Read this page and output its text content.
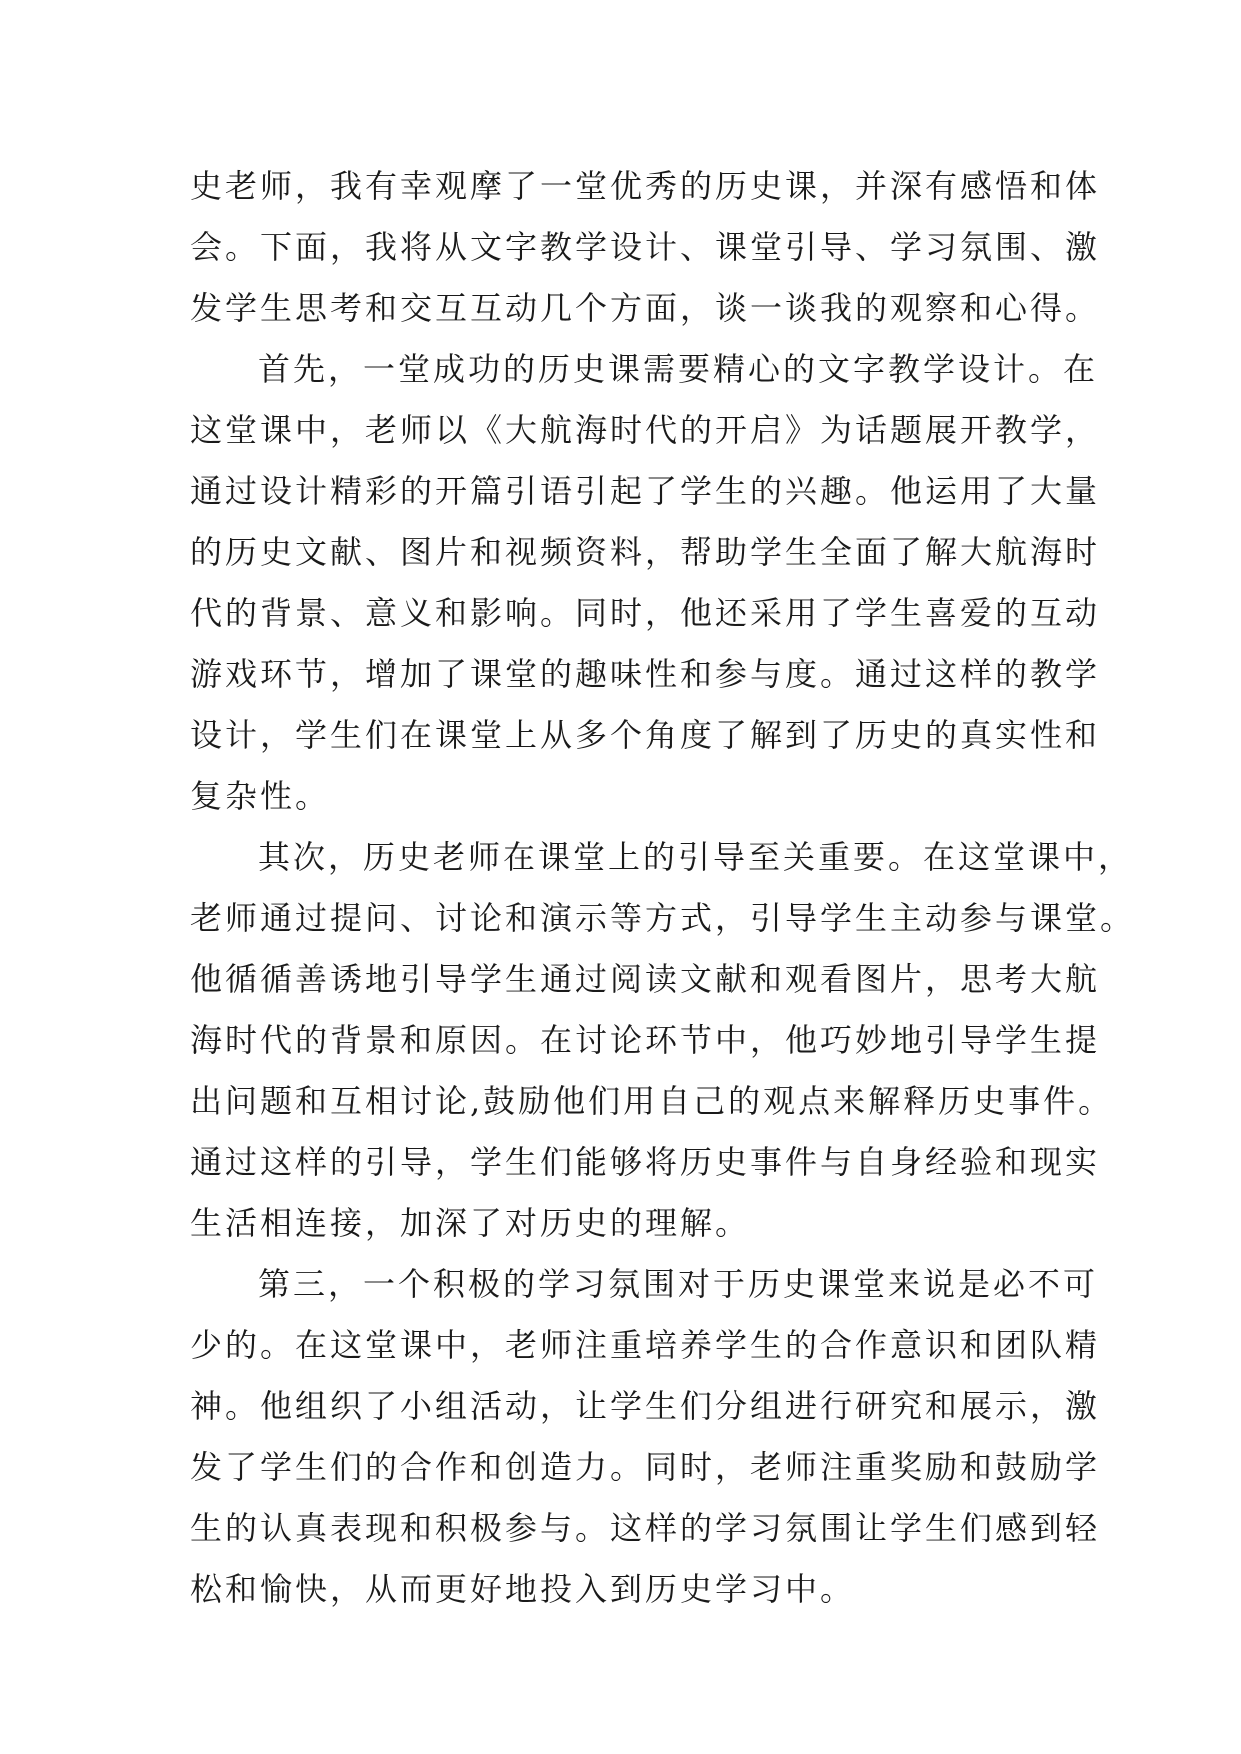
史老师，我有幸观摩了一堂优秀的历史课，并深有感悟和体
会。下面，我将从文字教学设计、课堂引导、学习氛围、激
发学生思考和交互互动几个方面，谈一谈我的观察和心得。
首先，一堂成功的历史课需要精心的文字教学设计。在
这堂课中，老师以《大航海时代的开启》为话题展开教学，
通过设计精彩的开篇引语引起了学生的兴趣。他运用了大量
的历史文献、图片和视频资料，帮助学生全面了解大航海时
代的背景、意义和影响。同时，他还采用了学生喜爱的互动
游戏环节，增加了课堂的趣味性和参与度。通过这样的教学
设计，学生们在课堂上从多个角度了解到了历史的真实性和
复杂性。
其次，历史老师在课堂上的引导至关重要。在这堂课中，
老师通过提问、讨论和演示等方式，引导学生主动参与课堂。
他循循善诱地引导学生通过阅读文献和观看图片，思考大航
海时代的背景和原因。在讨论环节中，他巧妙地引导学生提
出问题和互相讨论,鼓励他们用自己的观点来解释历史事件。
通过这样的引导，学生们能够将历史事件与自身经验和现实
生活相连接，加深了对历史的理解。
第三，一个积极的学习氛围对于历史课堂来说是必不可
少的。在这堂课中，老师注重培养学生的合作意识和团队精
神。他组织了小组活动，让学生们分组进行研究和展示，激
发了学生们的合作和创造力。同时，老师注重奖励和鼓励学
生的认真表现和积极参与。这样的学习氛围让学生们感到轻
松和愉快，从而更好地投入到历史学习中。
